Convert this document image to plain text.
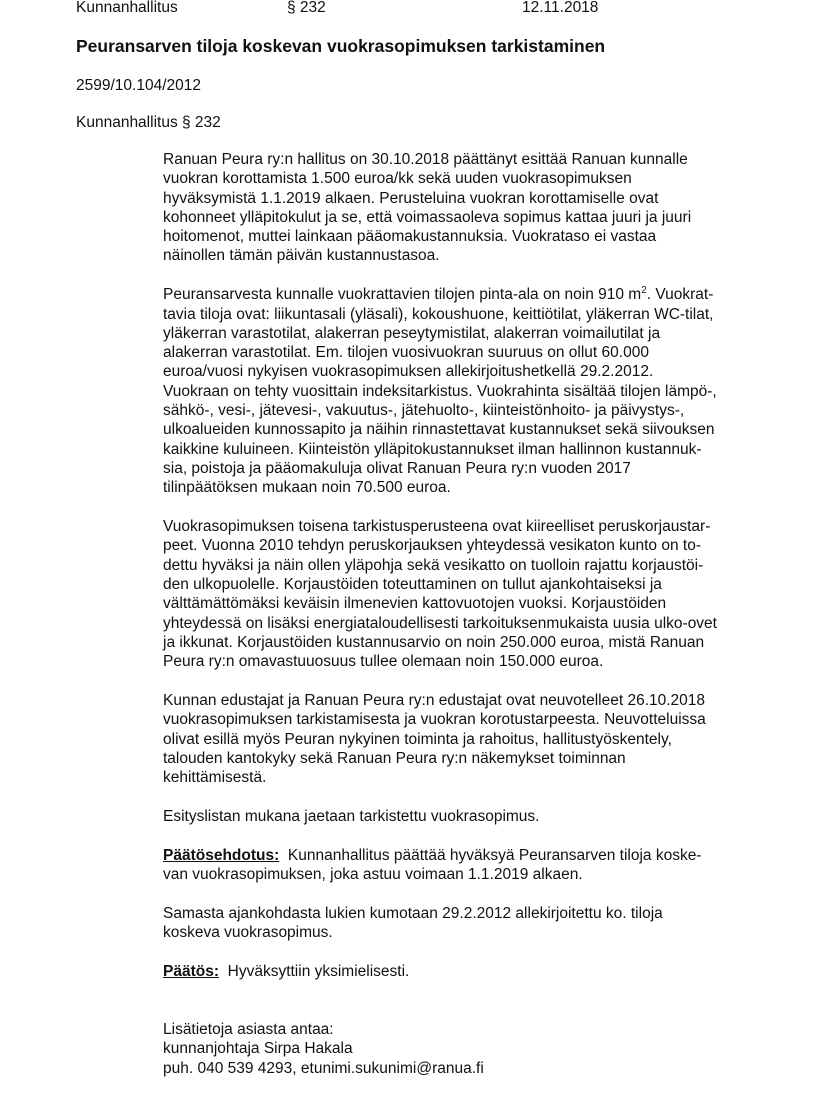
Kunnanhallitus	§ 232	12.11.2018
Peuransarven tiloja koskevan vuokrasopimuksen tarkistaminen
2599/10.104/2012
Kunnanhallitus § 232

Ranuan Peura ry:n hallitus on 30.10.2018 päättänyt esittää Ranuan kunnalle
vuokran korottamista 1.500 euroa/kk sekä uuden vuokrasopimuksen
hyväksymistä 1.1.2019 alkaen. Perusteluina vuokran korottamiselle ovat
kohonneet ylläpitokulut ja se, että voimassaoleva sopimus kattaa juuri ja juuri
hoitomenot, muttei lainkaan pääomakustannuksia. Vuokrataso ei vastaa
näinollen tämän päivän kustannustasoa.

Peuransarvesta kunnalle vuokrattavien tilojen pinta-ala on noin 910 $m^2$. Vuokrat-
tavia tiloja ovat: liikuntasali (yläsali), kokoushuone, keittiötilat, yläkerran WC-tilat,
yläkerran varastotilat, alakerran peseytymistilat, alakerran voimailutilat ja
alakerran varastotilat. Em. tilojen vuosivuokran suuruus on ollut 60.000
euroa/vuosi nykyisen vuokrasopimuksen allekirjoitushetkellä 29.2.2012.
Vuokraan on tehty vuosittain indeksitarkistus. Vuokrahinta sisältää tilojen lämpö-,
sähkö-, vesi-, jätevesi-, vakuutus-, jätehuolto-, kiinteistönhoito- ja päivystys-,
ulkoalueiden kunnossapito ja näihin rinnastettavat kustannukset sekä siivouksen
kaikkine kuluineen. Kiinteistön ylläpitokustannukset ilman hallinnon kustannuk-
sia, poistoja ja pääomakuluja olivat Ranuan Peura ry:n vuoden 2017
tilinpäätöksen mukaan noin 70.500 euroa.

Vuokrasopimuksen toisena tarkistusperusteena ovat kiireelliset peruskorjaustar-
peet. Vuonna 2010 tehdyn peruskorjauksen yhteydessä vesikaton kunto on to-
dettu hyväksi ja näin ollen yläpohja sekä vesikatto on tuolloin rajattu korjaustöi-
den ulkopuolelle. Korjaustöiden toteuttaminen on tullut ajankohtaiseksi ja
välttämättömäksi keväisin ilmenevien kattovuotojen vuoksi. Korjaustöiden
yhteydessä on lisäksi energiataloudellisesti tarkoituksenmukaista uusia ulko-ovet
ja ikkunat. Korjaustöiden kustannusarvio on noin 250.000 euroa, mistä Ranuan
Peura ry:n omavastuuosuus tullee olemaan noin 150.000 euroa.

Kunnan edustajat ja Ranuan Peura ry:n edustajat ovat neuvotelleet 26.10.2018
vuokrasopimuksen tarkistamisesta ja vuokran korotustarpeesta. Neuvotteluissa
olivat esillä myös Peuran nykyinen toiminta ja rahoitus, hallitustyöskentely,
talouden kantokyky sekä Ranuan Peura ry:n näkemykset toiminnan
kehittämisestä.

Esityslistan mukana jaetaan tarkistettu vuokrasopimus.

Päätösehdotus: Kunnanhallitus päättää hyväksyä Peuransarven tiloja koske-
van vuokrasopimuksen, joka astuu voimaan 1.1.2019 alkaen.

Samasta ajankohdasta lukien kumotaan 29.2.2012 allekirjoitettu ko. tiloja
koskeva vuokrasopimus.

Päätös: Hyväksyttiin yksimielisesti.

Lisätietoja asiasta antaa:
kunnanjohtaja Sirpa Hakala
puh. 040 539 4293, etunimi.sukunimi@ranua.fi
